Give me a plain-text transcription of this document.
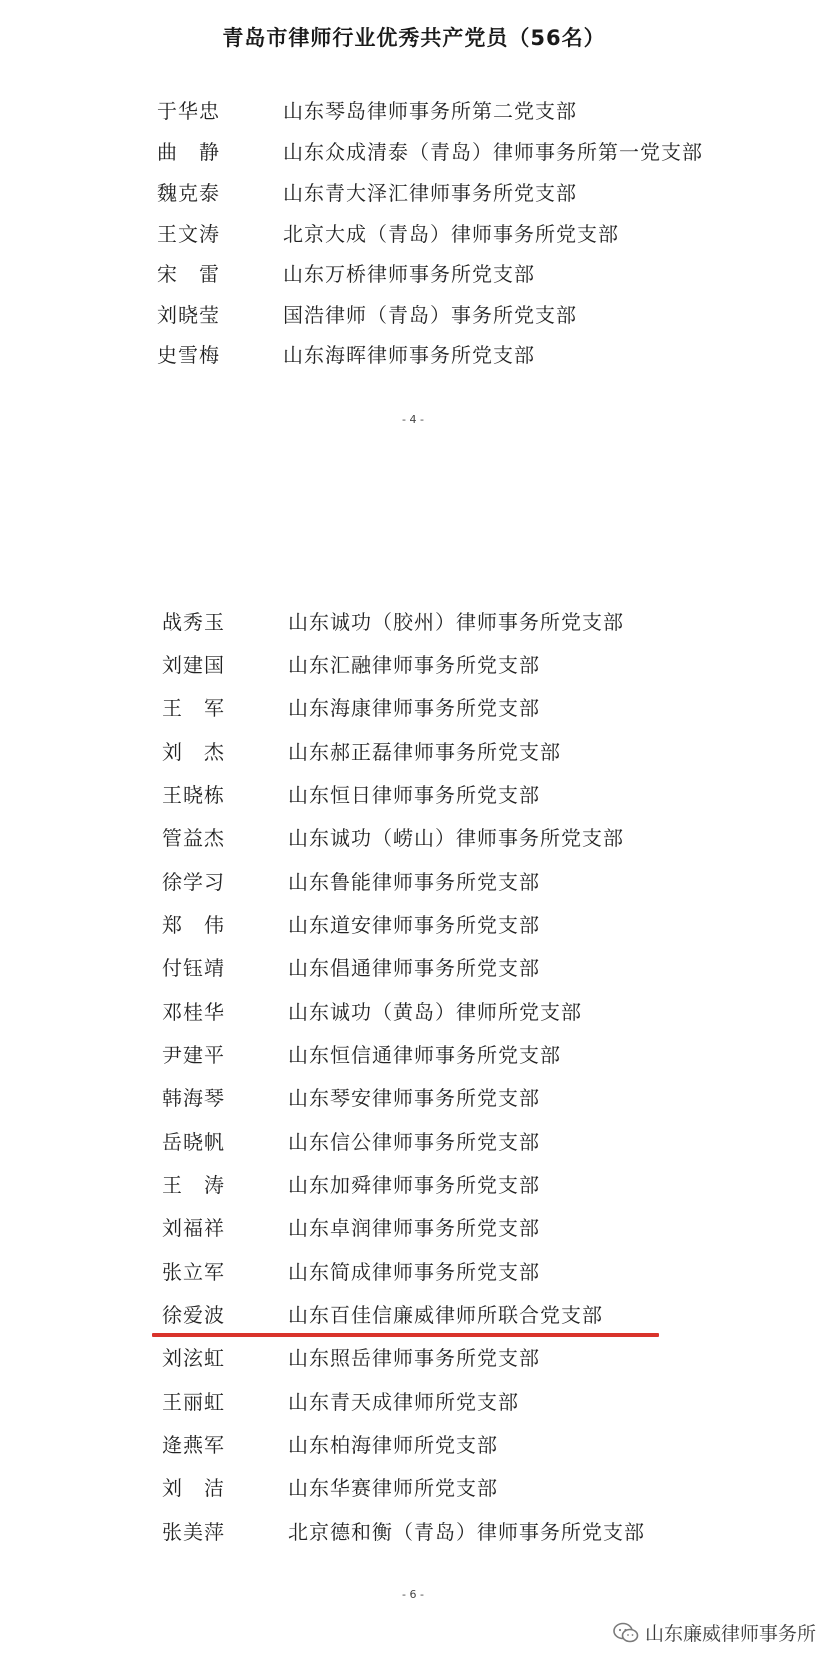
青岛市律师行业优秀共产党员（56名）
于华忠	山东琴岛律师事务所第二党支部
曲　静	山东众成清泰（青岛）律师事务所第一党支部
魏克泰	山东青大泽汇律师事务所党支部
王文涛	北京大成（青岛）律师事务所党支部
宋　雷	山东万桥律师事务所党支部
刘晓莹	国浩律师（青岛）事务所党支部
史雪梅	山东海晖律师事务所党支部
- 4 -
战秀玉	山东诚功（胶州）律师事务所党支部
刘建国	山东汇融律师事务所党支部
王　军	山东海康律师事务所党支部
刘　杰	山东郝正磊律师事务所党支部
王晓栋	山东恒日律师事务所党支部
管益杰	山东诚功（崂山）律师事务所党支部
徐学习	山东鲁能律师事务所党支部
郑　伟	山东道安律师事务所党支部
付钰靖	山东倡通律师事务所党支部
邓桂华	山东诚功（黄岛）律师所党支部
尹建平	山东恒信通律师事务所党支部
韩海琴	山东琴安律师事务所党支部
岳晓帆	山东信公律师事务所党支部
王　涛	山东加舜律师事务所党支部
刘福祥	山东卓润律师事务所党支部
张立军	山东简成律师事务所党支部
徐爱波	山东百佳信廉威律师所联合党支部
刘泫虹	山东照岳律师事务所党支部
王丽虹	山东青天成律师所党支部
逄燕军	山东柏海律师所党支部
刘　洁	山东华赛律师所党支部
张美萍	北京德和衡（青岛）律师事务所党支部
- 6 -
山东廉威律师事务所
